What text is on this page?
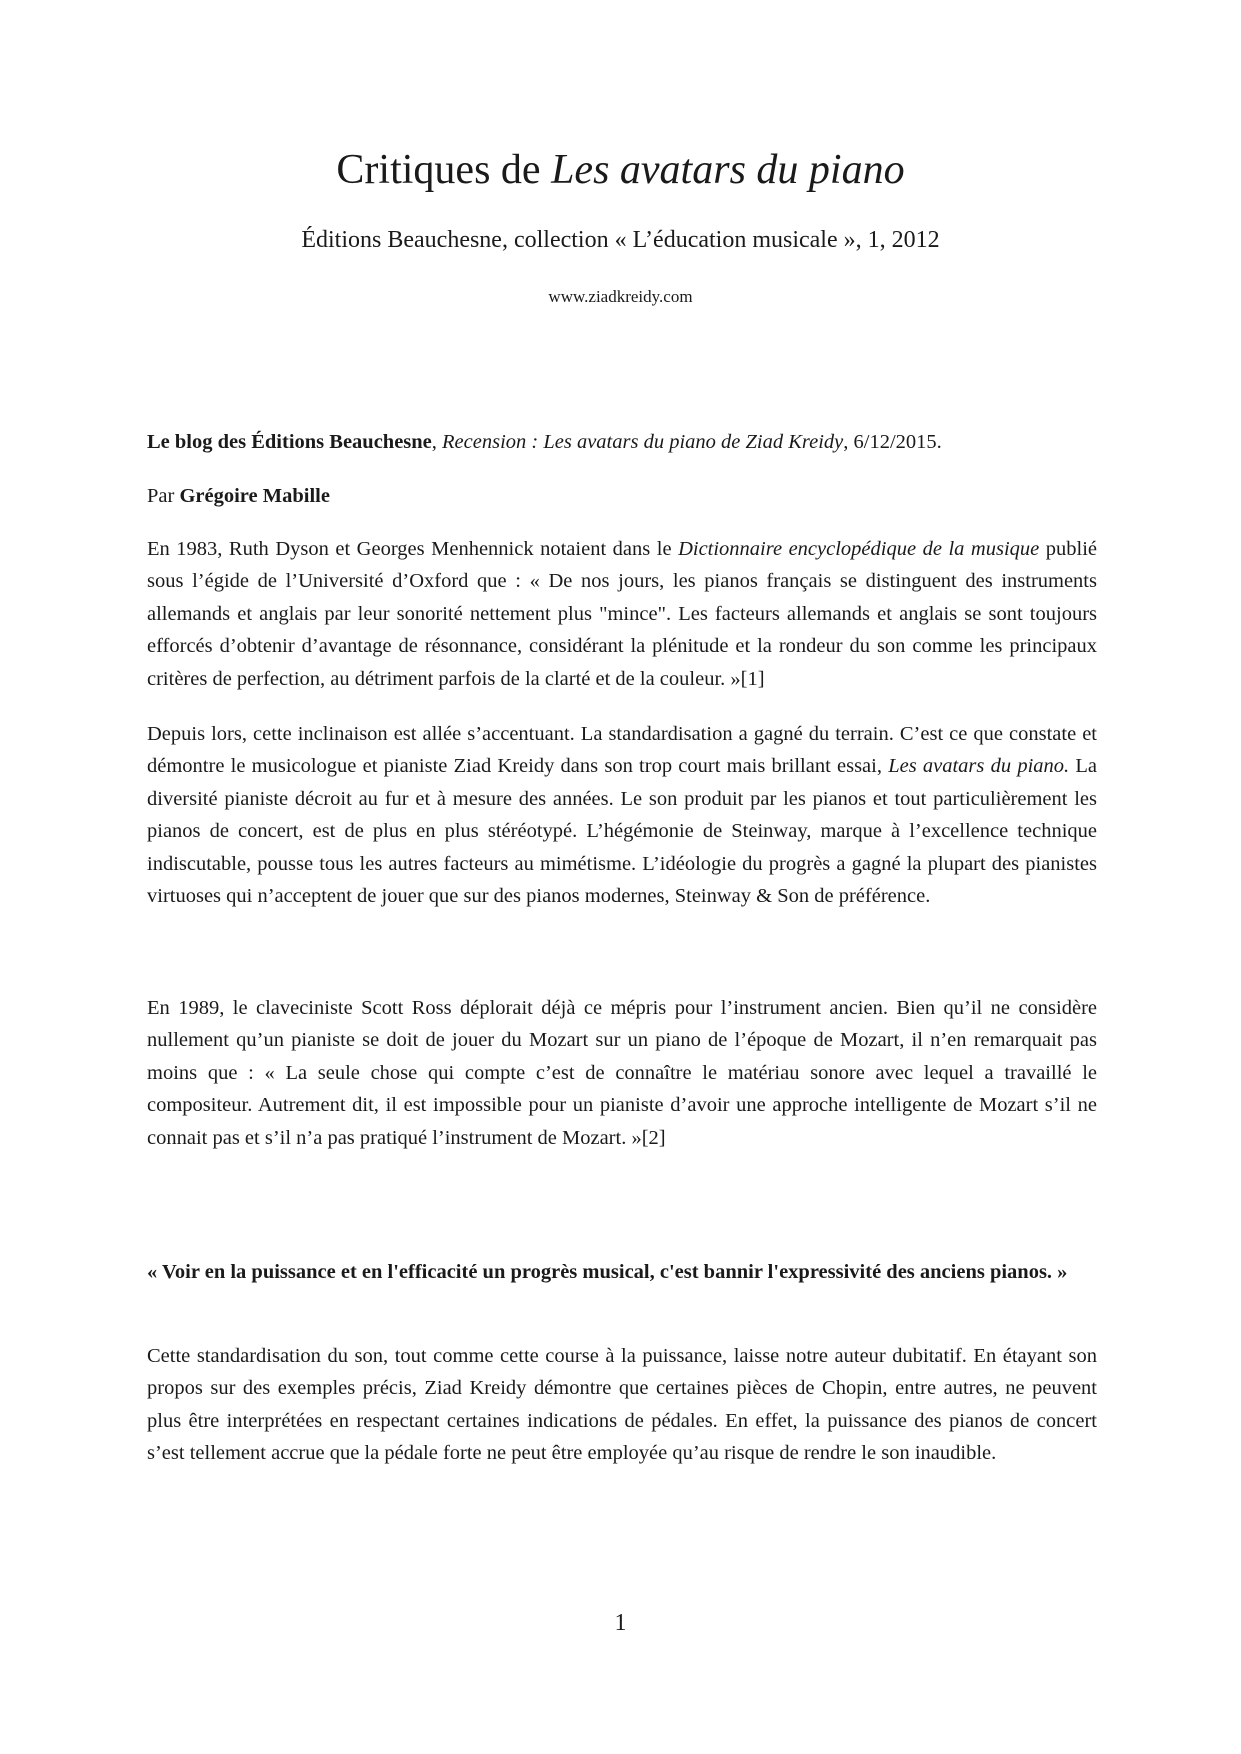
Critiques de Les avatars du piano
Éditions Beauchesne, collection « L’éducation musicale », 1, 2012
www.ziadkreidy.com

Le blog des Éditions Beauchesne, Recension : Les avatars du piano de Ziad Kreidy, 6/12/2015.

Par Grégoire Mabille

En 1983, Ruth Dyson et Georges Menhennick notaient dans le Dictionnaire encyclopédique de la musique publié sous l’égide de l’Université d’Oxford que : « De nos jours, les pianos français se distinguent des instruments allemands et anglais par leur sonorité nettement plus "mince". Les facteurs allemands et anglais se sont toujours efforcés d’obtenir d’avantage de résonnance, considérant la plénitude et la rondeur du son comme les principaux critères de perfection, au détriment parfois de la clarté et de la couleur. »[1]

Depuis lors, cette inclinaison est allée s’accentuant. La standardisation a gagné du terrain. C’est ce que constate et démontre le musicologue et pianiste Ziad Kreidy dans son trop court mais brillant essai, Les avatars du piano. La diversité pianiste décroit au fur et à mesure des années. Le son produit par les pianos et tout particulièrement les pianos de concert, est de plus en plus stéréotypé. L’hégémonie de Steinway, marque à l’excellence technique indiscutable, pousse tous les autres facteurs au mimétisme. L’idéologie du progrès a gagné la plupart des pianistes virtuoses qui n’acceptent de jouer que sur des pianos modernes, Steinway & Son de préférence.

En 1989, le claveciniste Scott Ross déplorait déjà ce mépris pour l’instrument ancien. Bien qu’il ne considère nullement qu’un pianiste se doit de jouer du Mozart sur un piano de l’époque de Mozart, il n’en remarquait pas moins que : « La seule chose qui compte c’est de connaître le matériau sonore avec lequel a travaillé le compositeur. Autrement dit, il est impossible pour un pianiste d’avoir une approche intelligente de Mozart s’il ne connait pas et s’il n’a pas pratiqué l’instrument de Mozart. »[2]

« Voir en la puissance et en l'efficacité un progrès musical, c'est bannir l'expressivité des anciens pianos. »

Cette standardisation du son, tout comme cette course à la puissance, laisse notre auteur dubitatif. En étayant son propos sur des exemples précis, Ziad Kreidy démontre que certaines pièces de Chopin, entre autres, ne peuvent plus être interprétées en respectant certaines indications de pédales. En effet, la puissance des pianos de concert s’est tellement accrue que la pédale forte ne peut être employée qu’au risque de rendre le son inaudible.

1
